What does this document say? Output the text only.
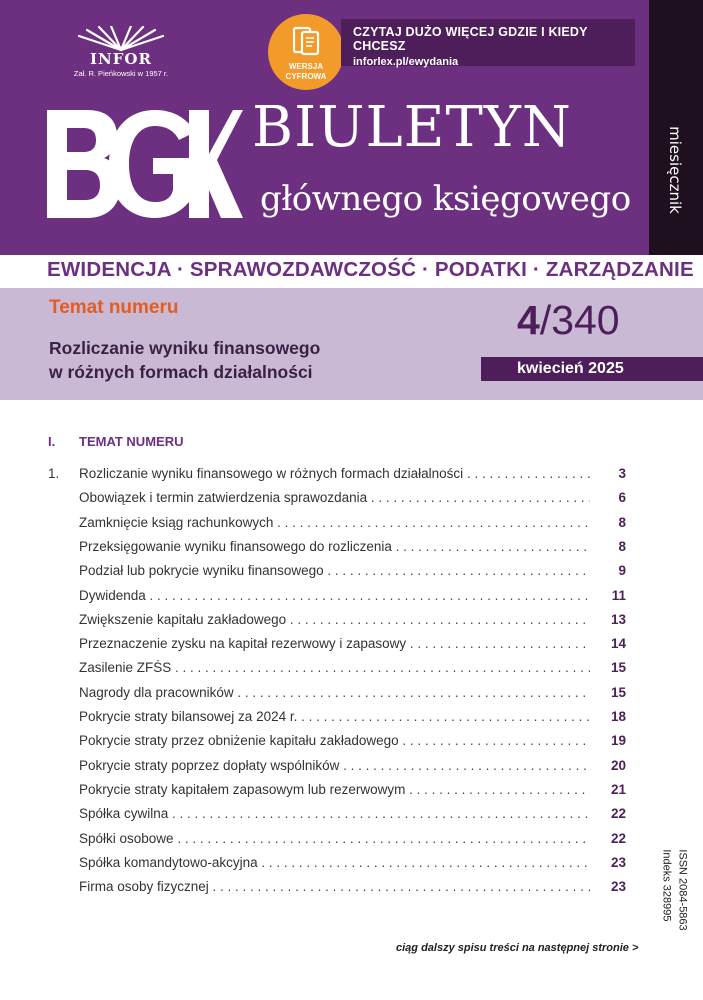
miesięcznik
INFOR
Zał. R. Pieńkowski w 1957 r.
WERSJA
CYFROWA
CZYTAJ DUŻO WIĘCEJ GDZIE I KIEDY CHCESZ
inforlex.pl/ewydania
BIULETYN
głównego księgowego
EWIDENCJA · SPRAWOZDAWCZOŚĆ · PODATKI · ZARZĄDZANIE
Temat numeru
Rozliczanie wyniku finansowego
w różnych formach działalności
4/340
kwiecień 2025
I. TEMAT NUMERU
1. Rozliczanie wyniku finansowego w różnych formach działalności . . .	3
Obowiązek i termin zatwierdzenia sprawozdania . . .	6
Zamknięcie ksiąg rachunkowych . . .	8
Przeksięgowanie wyniku finansowego do rozliczenia . . .	8
Podział lub pokrycie wyniku finansowego . . .	9
Dywidenda . . .	11
Zwiększenie kapitału zakładowego . . .	13
Przeznaczenie zysku na kapitał rezerwowy i zapasowy . . .	14
Zasilenie ZFŚS . . .	15
Nagrody dla pracowników . . .	15
Pokrycie straty bilansowej za 2024 r. . . .	18
Pokrycie straty przez obniżenie kapitału zakładowego . . .	19
Pokrycie straty poprzez dopłaty wspólników . . .	20
Pokrycie straty kapitałem zapasowym lub rezerwowym . . .	21
Spółka cywilna . . .	22
Spółki osobowe . . .	22
Spółka komandytowo-akcyjna . . .	23
Firma osoby fizycznej . . .	23	ISSN 2084-5863
Indeks 328995
ciąg dalszy spisu treści na następnej stronie >
